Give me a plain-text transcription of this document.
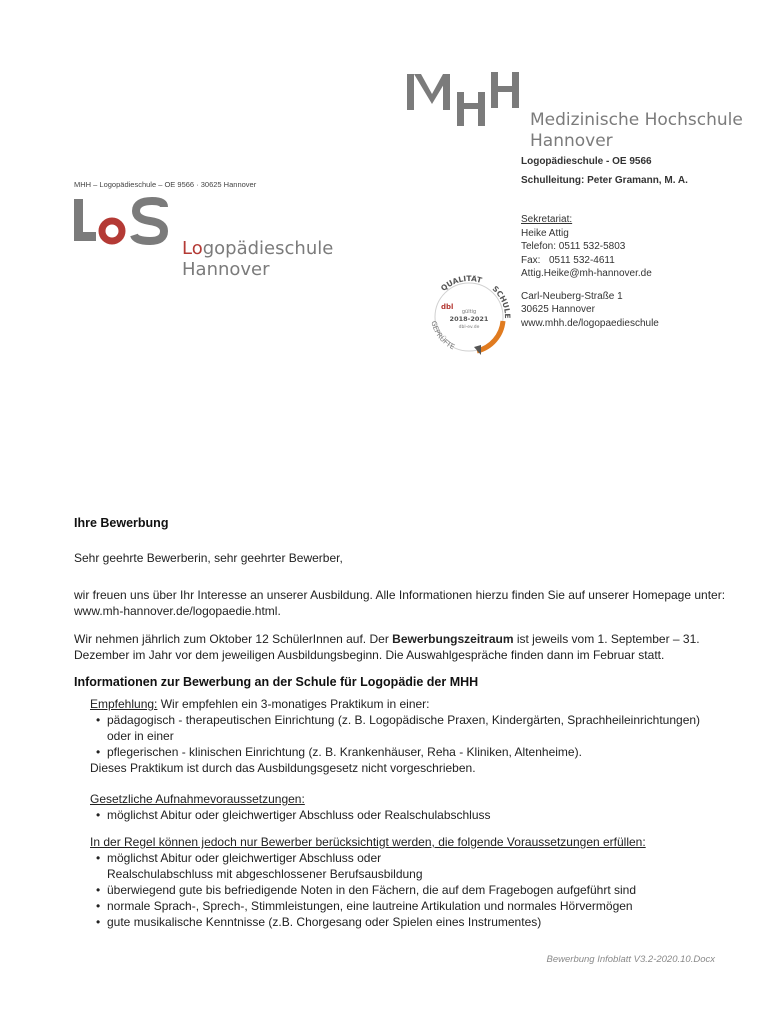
Medizinische Hochschule
Hannover
Logopädieschule - OE 9566
Schulleitung: Peter Gramann, M. A.
MHH – Logopädieschule – OE 9566 · 30625 Hannover
Logopädieschule
Hannover
Sekretariat:
Heike Attig
Telefon: 0511 532-5803
Fax: 0511 532-4611
Attig.Heike@mh-hannover.de
Carl-Neuberg-Straße 1
30625 Hannover
www.mhh.de/logopaedieschule
QUALITÄT
SCHULE
GEPRÜFTE
dbl
gültig
2018-2021
dbl-ev.de
Ihre Bewerbung
Sehr geehrte Bewerberin, sehr geehrter Bewerber,
wir freuen uns über Ihr Interesse an unserer Ausbildung. Alle Informationen hierzu finden Sie auf unserer Homepage unter:
www.mh-hannover.de/logopaedie.html.
Wir nehmen jährlich zum Oktober 12 SchülerInnen auf. Der Bewerbungszeitraum ist jeweils vom 1. September – 31.
Dezember im Jahr vor dem jeweiligen Ausbildungsbeginn. Die Auswahlgespräche finden dann im Februar statt.
Informationen zur Bewerbung an der Schule für Logopädie der MHH
Empfehlung: Wir empfehlen ein 3-monatiges Praktikum in einer:
• pädagogisch - therapeutischen Einrichtung (z. B. Logopädische Praxen, Kindergärten, Sprachheileinrichtungen) oder in einer
• pflegerischen - klinischen Einrichtung (z. B. Krankenhäuser, Reha - Kliniken, Altenheime).
Dieses Praktikum ist durch das Ausbildungsgesetz nicht vorgeschrieben.
Gesetzliche Aufnahmevoraussetzungen:
• möglichst Abitur oder gleichwertiger Abschluss oder Realschulabschluss
In der Regel können jedoch nur Bewerber berücksichtigt werden, die folgende Voraussetzungen erfüllen:
• möglichst Abitur oder gleichwertiger Abschluss oder Realschulabschluss mit abgeschlossener Berufsausbildung
• überwiegend gute bis befriedigende Noten in den Fächern, die auf dem Fragebogen aufgeführt sind
• normale Sprach-, Sprech-, Stimmleistungen, eine lautreine Artikulation und normales Hörvermögen
• gute musikalische Kenntnisse (z.B. Chorgesang oder Spielen eines Instrumentes)
Bewerbung Infoblatt V3.2-2020.10.Docx
